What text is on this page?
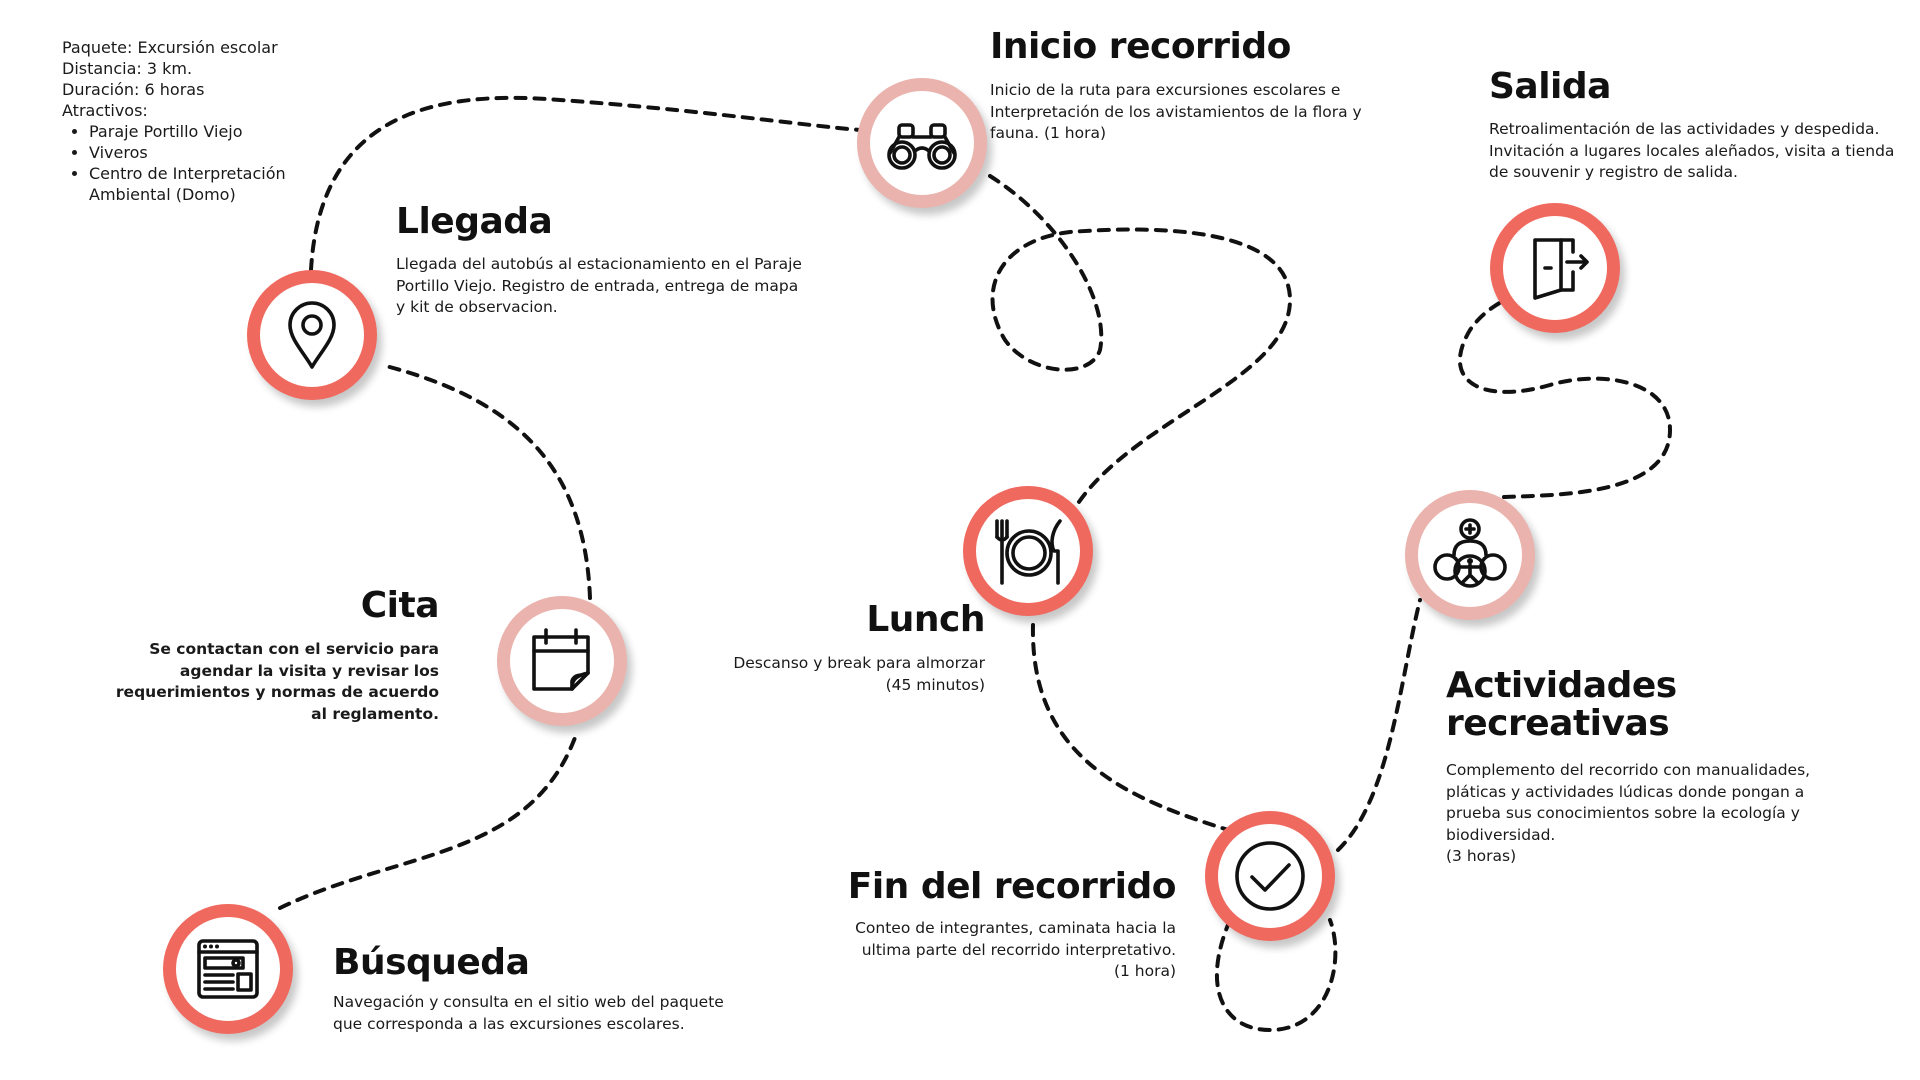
Paquete: Excursión escolar
Distancia: 3 km.
Duración: 6 horas
Atractivos:
• Paraje Portillo Viejo
• Viveros
• Centro de Interpretación
Ambiental (Domo)
Búsqueda

Navegación y consulta en el sitio web del paquete
que corresponda a las excursiones escolares.

Cita

Se contactan con el servicio para
agendar la visita y revisar los
requerimientos y normas de acuerdo
al reglamento.

Llegada

Llegada del autobús al estacionamiento en el Paraje
Portillo Viejo. Registro de entrada, entrega de mapa
y kit de observacion.

Inicio recorrido

Inicio de la ruta para excursiones escolares e
Interpretación de los avistamientos de la flora y
fauna. (1 hora)

Lunch

Descanso y break para almorzar
(45 minutos)

Fin del recorrido

Conteo de integrantes, caminata hacia la
ultima parte del recorrido interpretativo.
(1 hora)

Actividades
recreativas

Complemento del recorrido con manualidades,
pláticas y actividades lúdicas donde pongan a
prueba sus conocimientos sobre la ecología y
biodiversidad.
(3 horas)

Salida

Retroalimentación de las actividades y despedida.
Invitación a lugares locales aleñados, visita a tienda
de souvenir y registro de salida.
